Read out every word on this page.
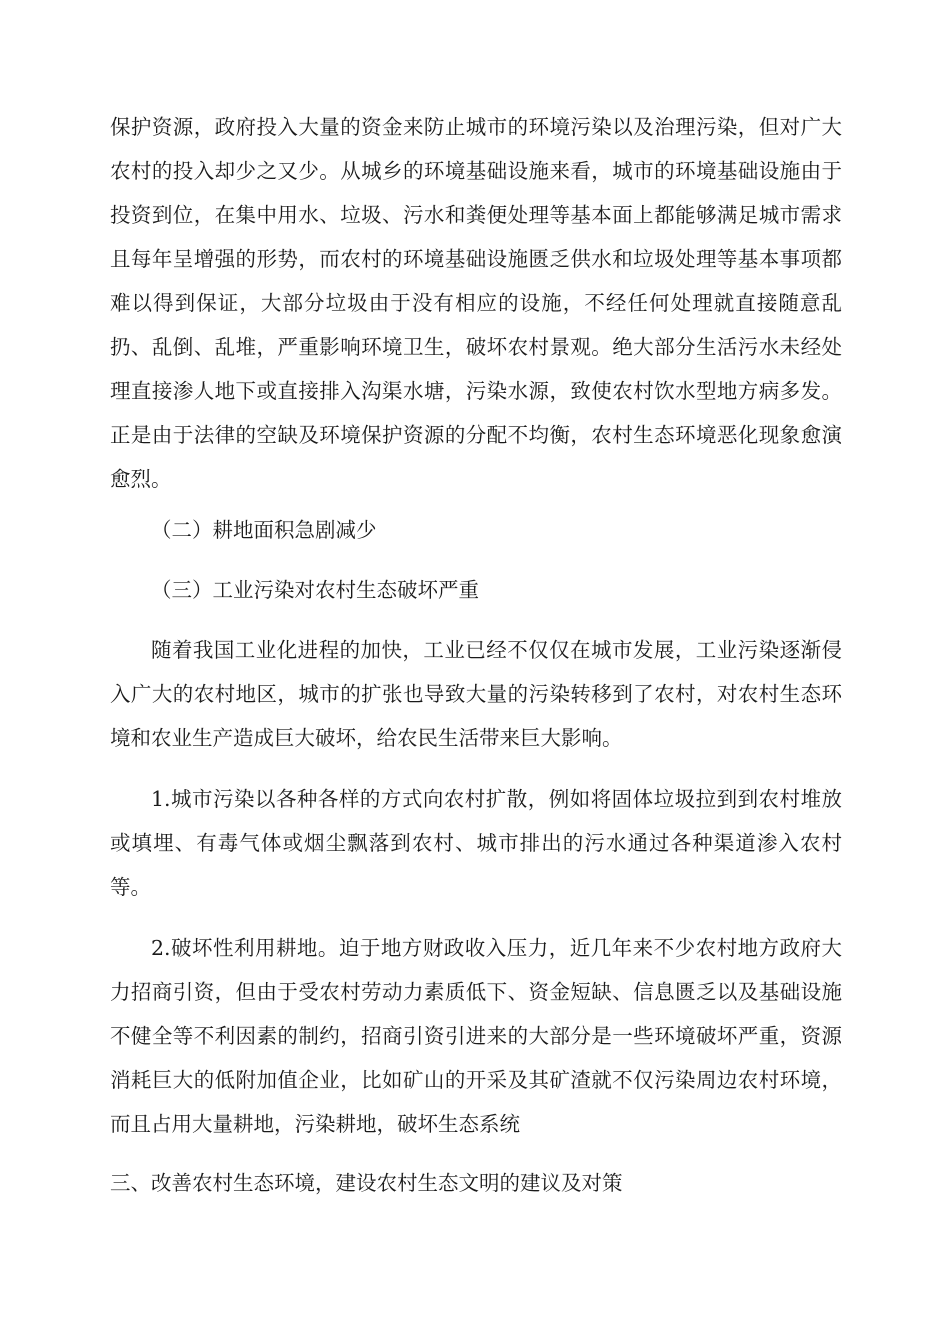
保护资源，政府投入大量的资金来防止城市的环境污染以及治理污染，但对广大农村的投入却少之又少。从城乡的环境基础设施来看，城市的环境基础设施由于投资到位，在集中用水、垃圾、污水和粪便处理等基本面上都能够满足城市需求且每年呈增强的形势，而农村的环境基础设施匮乏供水和垃圾处理等基本事项都难以得到保证，大部分垃圾由于没有相应的设施，不经任何处理就直接随意乱扔、乱倒、乱堆，严重影响环境卫生，破坏农村景观。绝大部分生活污水未经处理直接渗人地下或直接排入沟渠水塘，污染水源，致使农村饮水型地方病多发。正是由于法律的空缺及环境保护资源的分配不均衡，农村生态环境恶化现象愈演愈烈。

（二）耕地面积急剧减少

（三）工业污染对农村生态破坏严重

随着我国工业化进程的加快，工业已经不仅仅在城市发展，工业污染逐渐侵入广大的农村地区，城市的扩张也导致大量的污染转移到了农村，对农村生态环境和农业生产造成巨大破坏，给农民生活带来巨大影响。

1.城市污染以各种各样的方式向农村扩散，例如将固体垃圾拉到到农村堆放或填埋、有毒气体或烟尘飘落到农村、城市排出的污水通过各种渠道渗入农村等。

2.破坏性利用耕地。迫于地方财政收入压力，近几年来不少农村地方政府大力招商引资，但由于受农村劳动力素质低下、资金短缺、信息匮乏以及基础设施不健全等不利因素的制约，招商引资引进来的大部分是一些环境破坏严重，资源消耗巨大的低附加值企业，比如矿山的开采及其矿渣就不仅污染周边农村环境，而且占用大量耕地，污染耕地，破坏生态系统

三、改善农村生态环境，建设农村生态文明的建议及对策
